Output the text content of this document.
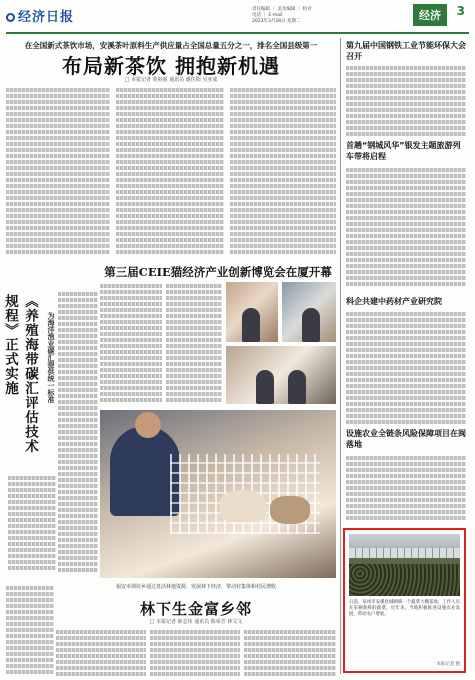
经济日报
责任编辑 ｜ 美术编辑 ｜ 校对
电话 ｜ E-mail
2023年3月28日 星期二	经济	3
在全国新式茶饮市场，安溪茶叶原料生产供应量占全国总量五分之一，排名全国县级第一
布局新茶饮 拥抱新机遇
□ 本报记者 黄祖强 通讯员 谢佳阳 吴亚成
《养殖海带碳汇评估技术规程》正式实施	为海洋渔业碳汇提供统一标准
第三届CEIE猫经济产业创新博览会在厦开幕
福安市调坑乡通过盘活林地资源，发展林下经济，带动村集体和村民增收
林下生金富乡邻
□ 本报记者 薛志伟 通讯员 陈荣芳 林文文
第九届中国钢铁工业节能环保大会召开
首趟“钢城风华”银发主题旅游列车带将启程
科企共建中药材产业研究院
设施农业全链条风险保障项目在闽落地
日前，泉州市安溪县城厢镇一个蔬菜大棚基地，工作人员在采摘新鲜的蔬菜。近年来，当地积极推进设施农业发展，带动农户增收。
本报记者 摄
